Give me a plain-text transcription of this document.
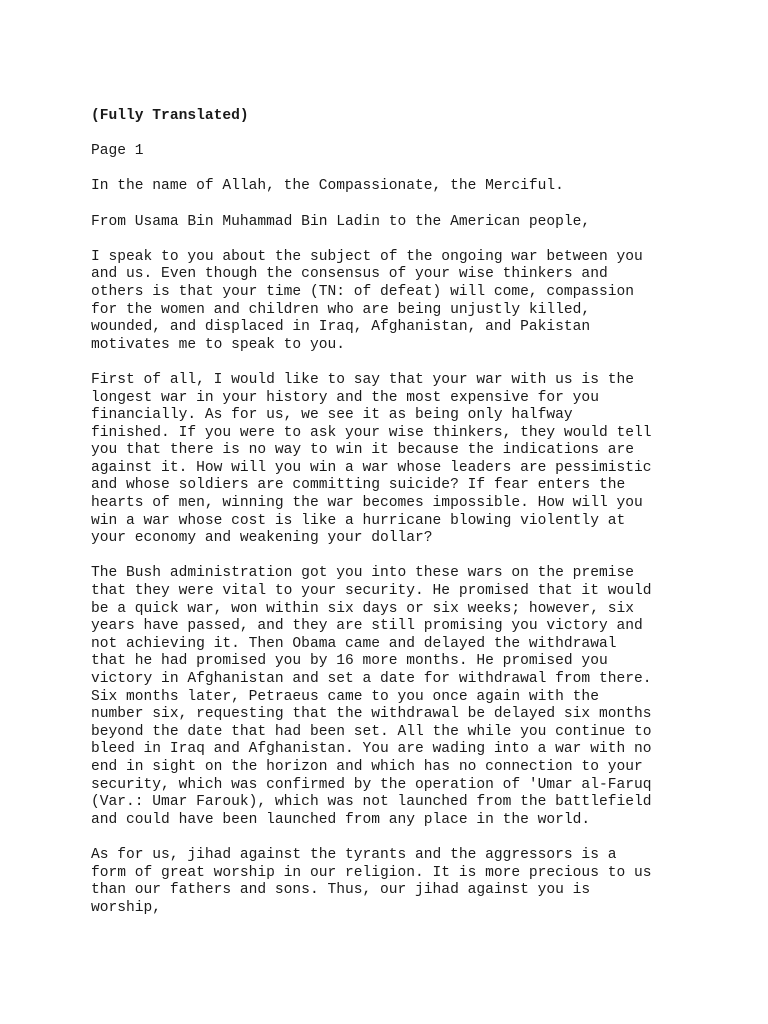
(Fully Translated)

Page 1

In the name of Allah, the Compassionate, the Merciful.

From Usama Bin Muhammad Bin Ladin to the American people,

I speak to you about the subject of the ongoing war between you
and us. Even though the consensus of your wise thinkers and
others is that your time (TN: of defeat) will come, compassion
for the women and children who are being unjustly killed,
wounded, and displaced in Iraq, Afghanistan, and Pakistan
motivates me to speak to you.

First of all, I would like to say that your war with us is the
longest war in your history and the most expensive for you
financially. As for us, we see it as being only halfway
finished. If you were to ask your wise thinkers, they would tell
you that there is no way to win it because the indications are
against it. How will you win a war whose leaders are pessimistic
and whose soldiers are committing suicide? If fear enters the
hearts of men, winning the war becomes impossible. How will you
win a war whose cost is like a hurricane blowing violently at
your economy and weakening your dollar?

The Bush administration got you into these wars on the premise
that they were vital to your security. He promised that it would
be a quick war, won within six days or six weeks; however, six
years have passed, and they are still promising you victory and
not achieving it. Then Obama came and delayed the withdrawal
that he had promised you by 16 more months. He promised you
victory in Afghanistan and set a date for withdrawal from there.
Six months later, Petraeus came to you once again with the
number six, requesting that the withdrawal be delayed six months
beyond the date that had been set. All the while you continue to
bleed in Iraq and Afghanistan. You are wading into a war with no
end in sight on the horizon and which has no connection to your
security, which was confirmed by the operation of 'Umar al-Faruq
(Var.: Umar Farouk), which was not launched from the battlefield
and could have been launched from any place in the world.

As for us, jihad against the tyrants and the aggressors is a
form of great worship in our religion. It is more precious to us
than our fathers and sons. Thus, our jihad against you is
worship,
